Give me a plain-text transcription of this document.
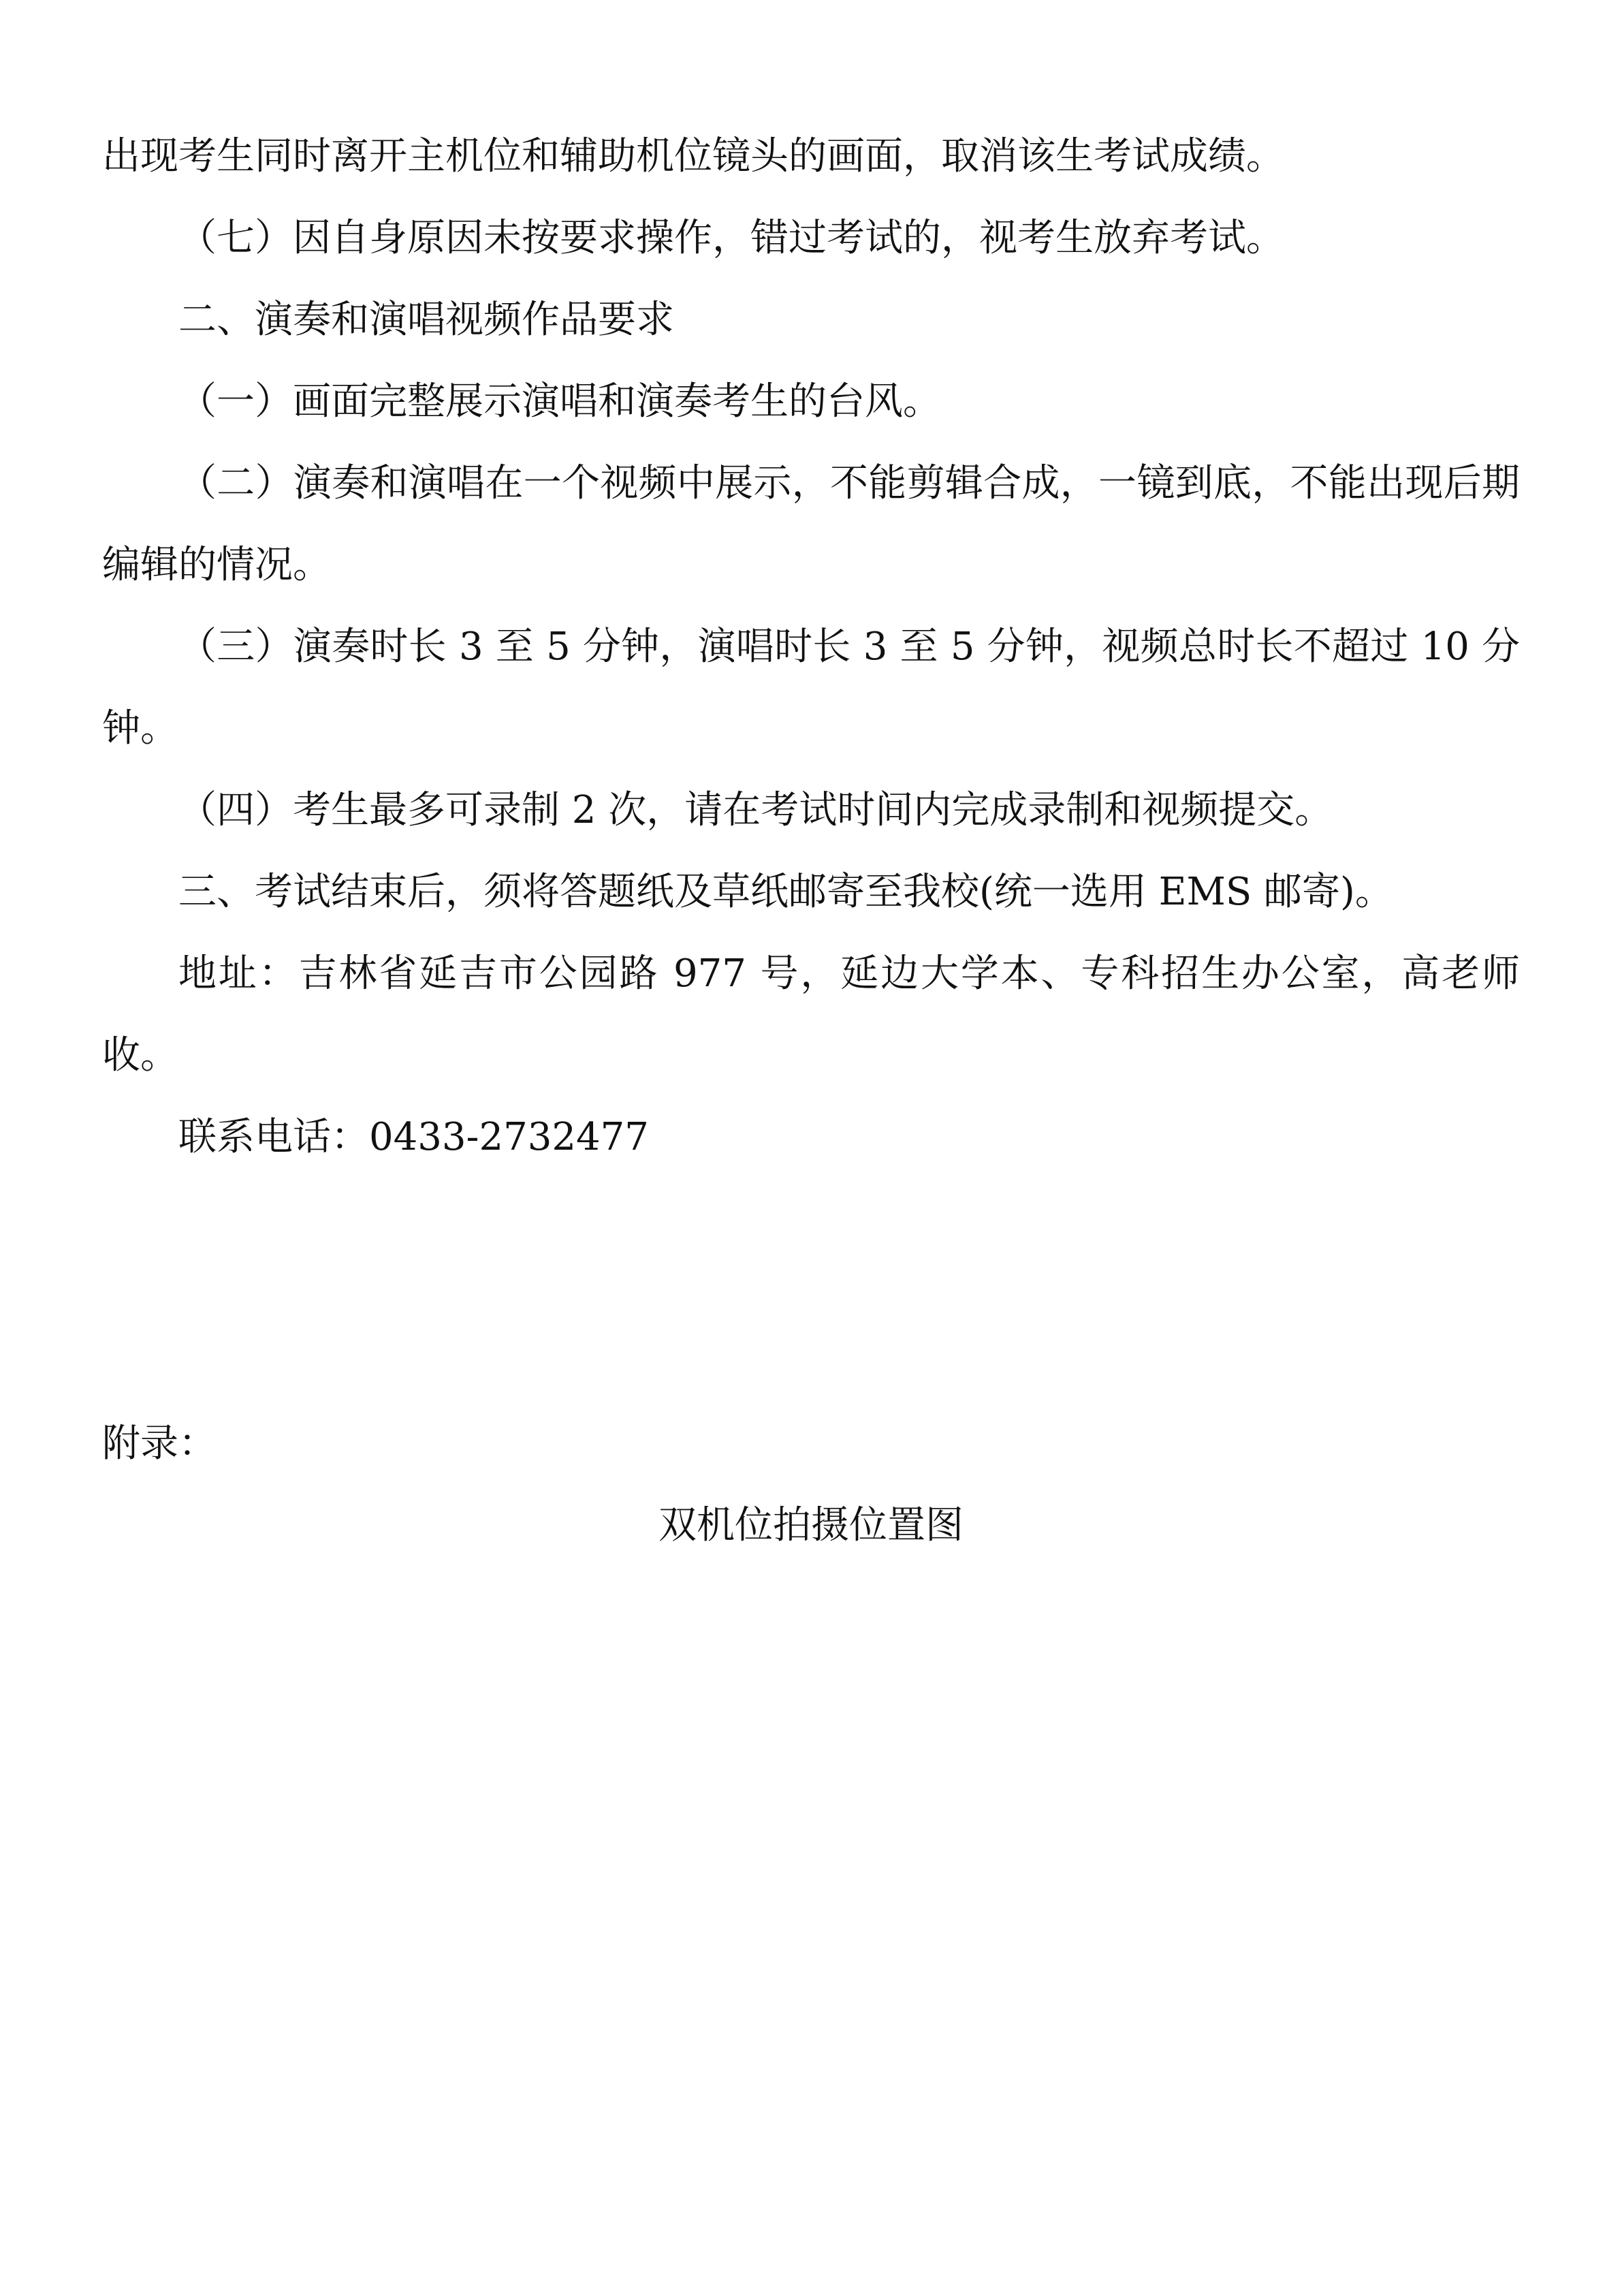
出现考生同时离开主机位和辅助机位镜头的画面，取消该生考试成绩。

（七）因自身原因未按要求操作，错过考试的，视考生放弃考试。

二、演奏和演唱视频作品要求

（一）画面完整展示演唱和演奏考生的台风。

（二）演奏和演唱在一个视频中展示，不能剪辑合成，一镜到底，不能出现后期编辑的情况。

（三）演奏时长 3 至 5 分钟，演唱时长 3 至 5 分钟，视频总时长不超过 10 分钟。

（四）考生最多可录制 2 次，请在考试时间内完成录制和视频提交。

三、考试结束后，须将答题纸及草纸邮寄至我校(统一选用 EMS 邮寄)。

地址：吉林省延吉市公园路 977 号，延边大学本、专科招生办公室，高老师收。

联系电话：0433-2732477

附录：

双机位拍摄位置图
